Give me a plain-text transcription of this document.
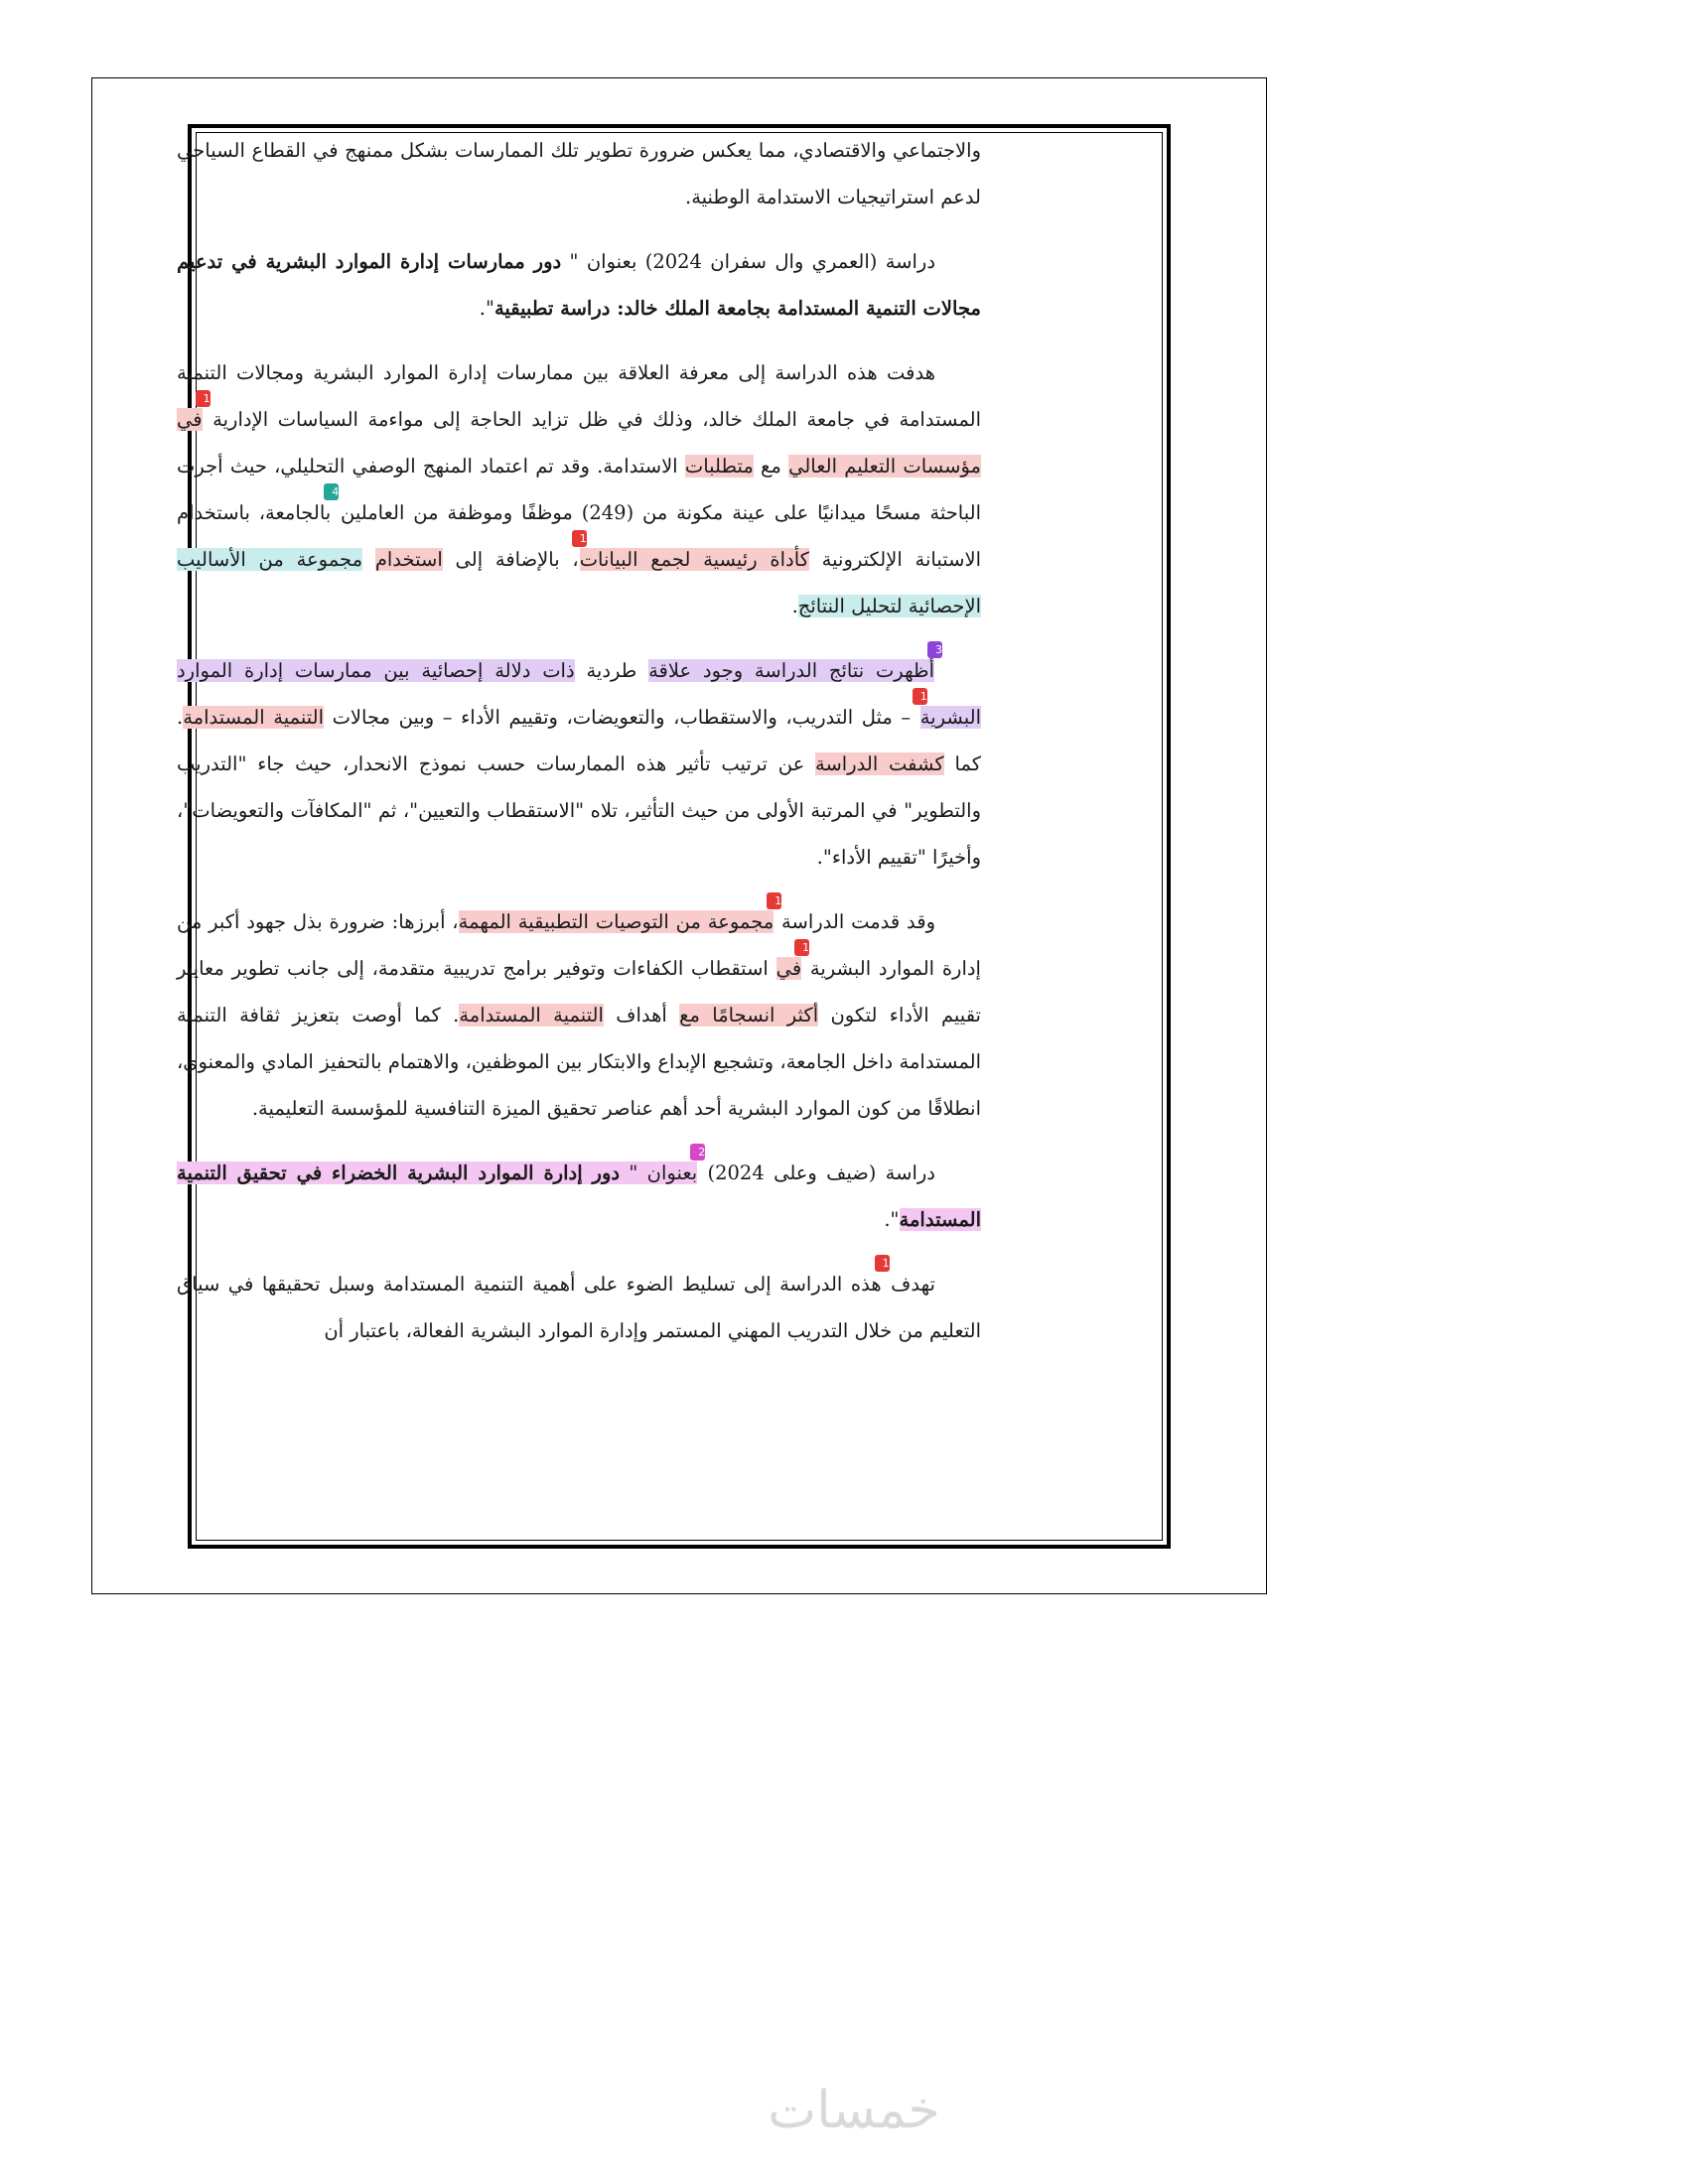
والاجتماعي والاقتصادي، مما يعكس ضرورة تطوير تلك الممارسات بشكل ممنهج في القطاع السياحي لدعم استراتيجيات الاستدامة الوطنية.

دراسة (العمري وال سفران 2024) بعنوان " دور ممارسات إدارة الموارد البشرية في تدعيم مجالات التنمية المستدامة بجامعة الملك خالد: دراسة تطبيقية".

هدفت هذه الدراسة إلى معرفة العلاقة بين ممارسات إدارة الموارد البشرية ومجالات التنمية المستدامة في جامعة الملك خالد، وذلك في ظل تزايد الحاجة إلى مواءمة السياسات الإدارية 1في مؤسسات التعليم العالي مع متطلبات الاستدامة. وقد تم اعتماد المنهج الوصفي التحليلي، حيث أجرت الباحثة مسحًا ميدانيًا على عينة مكونة من (249) موظفًا وموظفة من العاملين 4بالجامعة، باستخدام الاستبانة الإلكترونية كأداة رئيسية لجمع البيانات1، بالإضافة إلى استخدام مجموعة من الأساليب الإحصائية لتحليل النتائج.

3أظهرت نتائج الدراسة وجود علاقة طردية ذات دلالة إحصائية بين ممارسات إدارة الموارد البشرية1 – مثل التدريب، والاستقطاب، والتعويضات، وتقييم الأداء – وبين مجالات التنمية المستدامة. كما كشفت الدراسة عن ترتيب تأثير هذه الممارسات حسب نموذج الانحدار، حيث جاء "التدريب والتطوير" في المرتبة الأولى من حيث التأثير، تلاه "الاستقطاب والتعيين"، ثم "المكافآت والتعويضات"، وأخيرًا "تقييم الأداء".

وقد قدمت الدراسة 1مجموعة من التوصيات التطبيقية المهمة، أبرزها: ضرورة بذل جهود أكبر من إدارة الموارد البشرية 1في استقطاب الكفاءات وتوفير برامج تدريبية متقدمة، إلى جانب تطوير معايير تقييم الأداء لتكون أكثر انسجامًا مع أهداف التنمية المستدامة. كما أوصت بتعزيز ثقافة التنمية المستدامة داخل الجامعة، وتشجيع الإبداع والابتكار بين الموظفين، والاهتمام بالتحفيز المادي والمعنوي، انطلاقًا من كون الموارد البشرية أحد أهم عناصر تحقيق الميزة التنافسية للمؤسسة التعليمية.

دراسة (ضيف وعلى 2024) 2بعنوان " دور إدارة الموارد البشرية الخضراء في تحقيق التنمية المستدامة".

تهدف 1هذه الدراسة إلى تسليط الضوء على أهمية التنمية المستدامة وسبل تحقيقها في سياق التعليم من خلال التدريب المهني المستمر وإدارة الموارد البشرية الفعالة، باعتبار أن

خمسات
